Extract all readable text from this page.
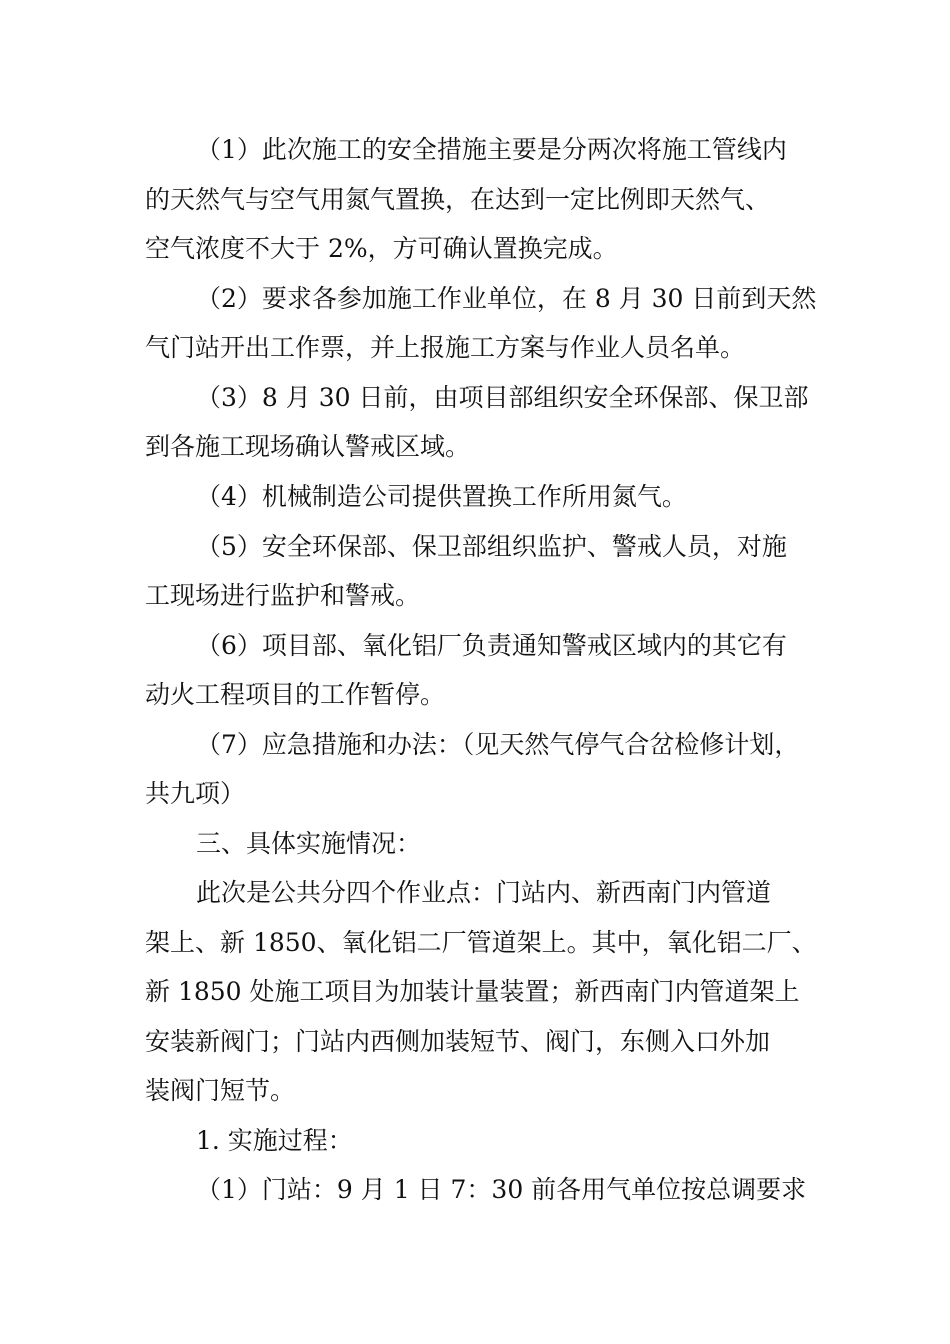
（1）此次施工的安全措施主要是分两次将施工管线内

的天然气与空气用氮气置换，在达到一定比例即天然气、

空气浓度不大于 2%，方可确认置换完成。

（2）要求各参加施工作业单位，在 8 月 30 日前到天然

气门站开出工作票，并上报施工方案与作业人员名单。

（3）8 月 30 日前，由项目部组织安全环保部、保卫部

到各施工现场确认警戒区域。

（4）机械制造公司提供置换工作所用氮气。

（5）安全环保部、保卫部组织监护、警戒人员，对施

工现场进行监护和警戒。

（6）项目部、氧化铝厂负责通知警戒区域内的其它有

动火工程项目的工作暂停。

（7）应急措施和办法：（见天然气停气合岔检修计划，

共九项）

三、具体实施情况：

此次是公共分四个作业点：门站内、新西南门内管道

架上、新 1850、氧化铝二厂管道架上。其中，氧化铝二厂、

新 1850 处施工项目为加装计量装置；新西南门内管道架上

安装新阀门；门站内西侧加装短节、阀门，东侧入口外加

装阀门短节。

1. 实施过程：

（1）门站：9 月 1 日 7：30 前各用气单位按总调要求
